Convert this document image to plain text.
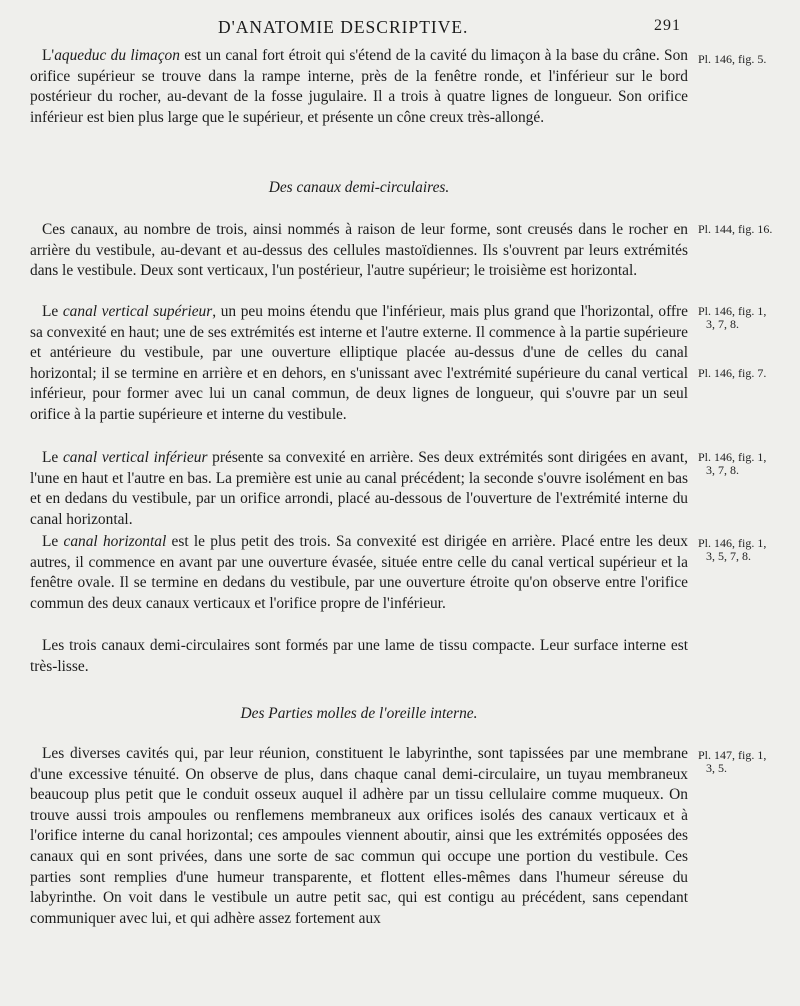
D'ANATOMIE DESCRIPTIVE.	291

L'aqueduc du limaçon est un canal fort étroit qui s'étend de la cavité du limaçon à la base du crâne. Son orifice supérieur se trouve dans la rampe interne, près de la fenêtre ronde, et l'inférieur sur le bord postérieur du rocher, au-devant de la fosse jugulaire. Il a trois à quatre lignes de longueur. Son orifice inférieur est bien plus large que le supérieur, et présente un cône creux très-allongé.

Des canaux demi-circulaires.

Ces canaux, au nombre de trois, ainsi nommés à raison de leur forme, sont creusés dans le rocher en arrière du vestibule, au-devant et au-dessus des cellules mastoïdiennes. Ils s'ouvrent par leurs extrémités dans le vestibule. Deux sont verticaux, l'un postérieur, l'autre supérieur; le troisième est horizontal.

Le canal vertical supérieur, un peu moins étendu que l'inférieur, mais plus grand que l'horizontal, offre sa convexité en haut; une de ses extrémités est interne et l'autre externe. Il commence à la partie supérieure et antérieure du vestibule, par une ouverture elliptique placée au-dessus d'une de celles du canal horizontal; il se termine en arrière et en dehors, en s'unissant avec l'extrémité supérieure du canal vertical inférieur, pour former avec lui un canal commun, de deux lignes de longueur, qui s'ouvre par un seul orifice à la partie supérieure et interne du vestibule.

Le canal vertical inférieur présente sa convexité en arrière. Ses deux extrémités sont dirigées en avant, l'une en haut et l'autre en bas. La première est unie au canal précédent; la seconde s'ouvre isolément en bas et en dedans du vestibule, par un orifice arrondi, placé au-dessous de l'ouverture de l'extrémité interne du canal horizontal.

Le canal horizontal est le plus petit des trois. Sa convexité est dirigée en arrière. Placé entre les deux autres, il commence en avant par une ouverture évasée, située entre celle du canal vertical supérieur et la fenêtre ovale. Il se termine en dedans du vestibule, par une ouverture étroite qu'on observe entre l'orifice commun des deux canaux verticaux et l'orifice propre de l'inférieur.

Les trois canaux demi-circulaires sont formés par une lame de tissu compacte. Leur surface interne est très-lisse.

Des Parties molles de l'oreille interne.

Les diverses cavités qui, par leur réunion, constituent le labyrinthe, sont tapissées par une membrane d'une excessive ténuité. On observe de plus, dans chaque canal demi-circulaire, un tuyau membraneux beaucoup plus petit que le conduit osseux auquel il adhère par un tissu cellulaire comme muqueux. On trouve aussi trois ampoules ou renflemens membraneux aux orifices isolés des canaux verticaux et à l'orifice interne du canal horizontal; ces ampoules viennent aboutir, ainsi que les extrémités opposées des canaux qui en sont privées, dans une sorte de sac commun qui occupe une portion du vestibule. Ces parties sont remplies d'une humeur transparente, et flottent elles-mêmes dans l'humeur séreuse du labyrinthe. On voit dans le vestibule un autre petit sac, qui est contigu au précédent, sans cependant communiquer avec lui, et qui adhère assez fortement aux

Pl. 146, fig. 5.
Pl. 144, fig. 16.
Pl. 146, fig. 1,
3, 7, 8.
Pl. 146, fig. 7.
Pl. 146, fig. 1,
3, 7, 8.
Pl. 146, fig. 1,
3, 5, 7, 8.
Pl. 147, fig. 1,
3, 5.
